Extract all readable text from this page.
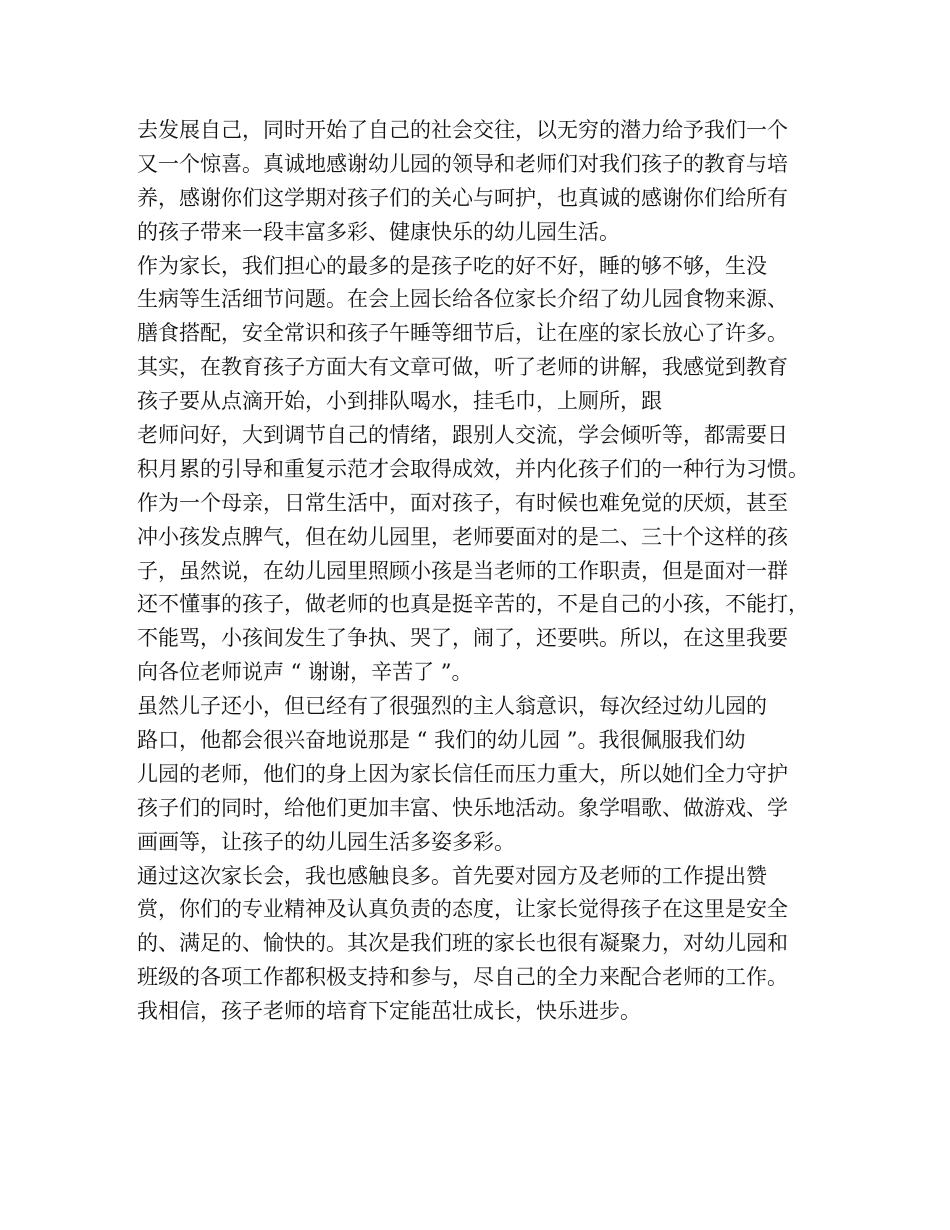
去发展自己，同时开始了自己的社会交往，以无穷的潜力给予我们一个
又一个惊喜。真诚地感谢幼儿园的领导和老师们对我们孩子的教育与培
养，感谢你们这学期对孩子们的关心与呵护，也真诚的感谢你们给所有
的孩子带来一段丰富多彩、健康快乐的幼儿园生活。
作为家长，我们担心的最多的是孩子吃的好不好，睡的够不够，生没
生病等生活细节问题。在会上园长给各位家长介绍了幼儿园食物来源、
膳食搭配，安全常识和孩子午睡等细节后，让在座的家长放心了许多。
其实，在教育孩子方面大有文章可做，听了老师的讲解，我感觉到教育
孩子要从点滴开始，小到排队喝水，挂毛巾，上厕所，跟
老师问好，大到调节自己的情绪，跟别人交流，学会倾听等，都需要日
积月累的引导和重复示范才会取得成效，并内化孩子们的一种行为习惯。
作为一个母亲，日常生活中，面对孩子，有时候也难免觉的厌烦，甚至
冲小孩发点脾气，但在幼儿园里，老师要面对的是二、三十个这样的孩
子，虽然说，在幼儿园里照顾小孩是当老师的工作职责，但是面对一群
还不懂事的孩子，做老师的也真是挺辛苦的，不是自己的小孩，不能打，
不能骂，小孩间发生了争执、哭了，闹了，还要哄。所以，在这里我要
向各位老师说声 “ 谢谢，辛苦了 ”。
虽然儿子还小，但已经有了很强烈的主人翁意识，每次经过幼儿园的
路口，他都会很兴奋地说那是 “ 我们的幼儿园 ”。我很佩服我们幼
儿园的老师，他们的身上因为家长信任而压力重大，所以她们全力守护
孩子们的同时，给他们更加丰富、快乐地活动。象学唱歌、做游戏、学
画画等，让孩子的幼儿园生活多姿多彩。
通过这次家长会，我也感触良多。首先要对园方及老师的工作提出赞
赏，你们的专业精神及认真负责的态度，让家长觉得孩子在这里是安全
的、满足的、愉快的。其次是我们班的家长也很有凝聚力，对幼儿园和
班级的各项工作都积极支持和参与，尽自己的全力来配合老师的工作。
我相信，孩子老师的培育下定能茁壮成长，快乐进步。
